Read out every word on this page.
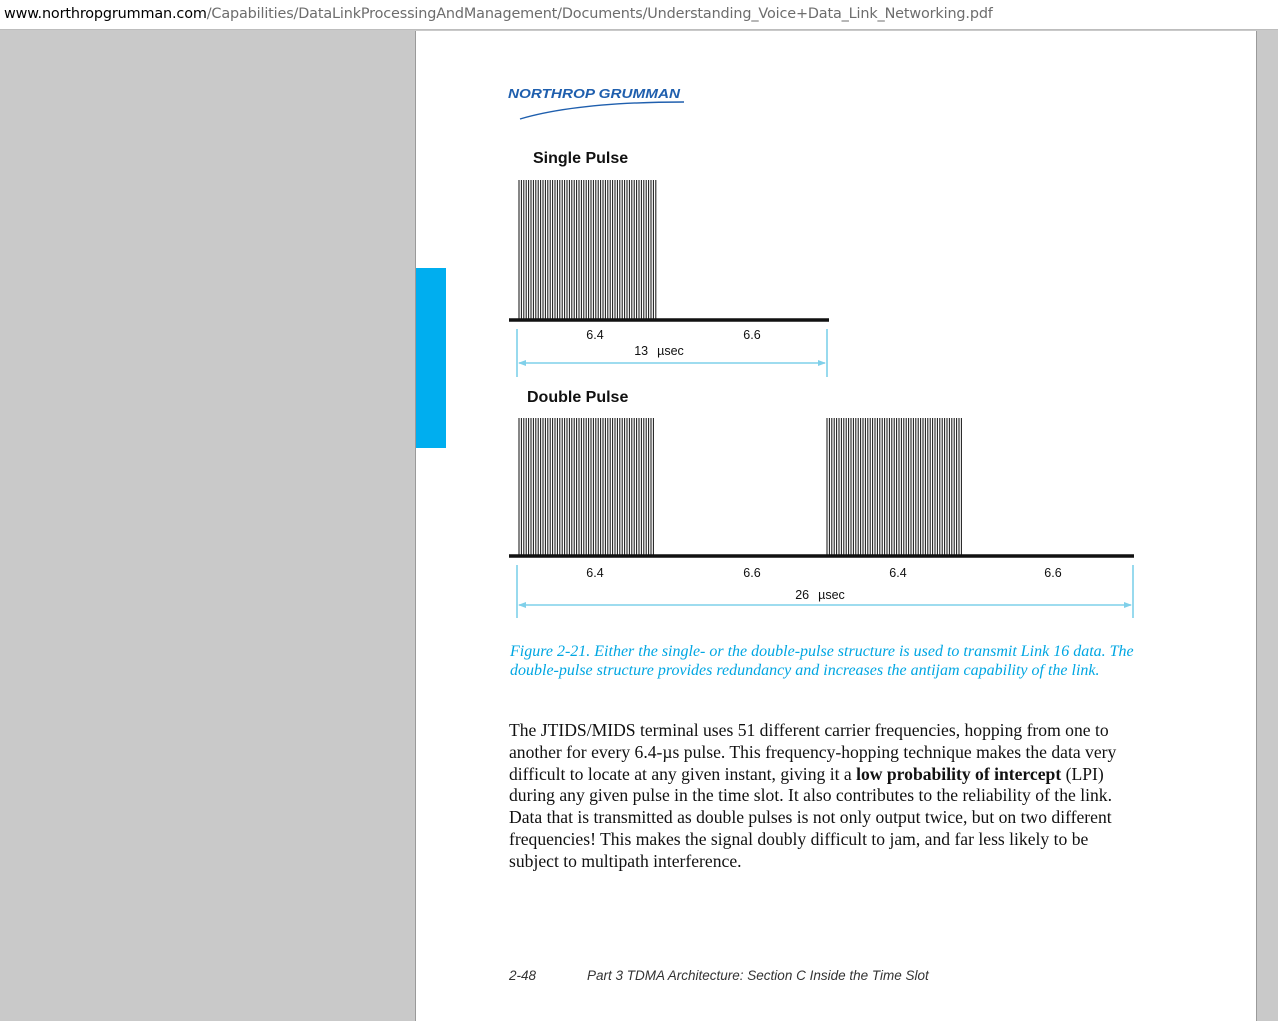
www.northropgrumman.com/Capabilities/DataLinkProcessingAndManagement/Documents/Understanding_Voice+Data_Link_Networking.pdf
NORTHROP GRUMMAN
Single Pulse
6.4	6.6
13 µsec
Double Pulse
6.4	6.6	6.4	6.6
26 µsec

Figure 2-21. Either the single- or the double-pulse structure is used to transmit Link 16 data. The double-pulse structure provides redundancy and increases the antijam capability of the link.

The JTIDS/MIDS terminal uses 51 different carrier frequencies, hopping from one to another for every 6.4-µs pulse. This frequency-hopping technique makes the data very difficult to locate at any given instant, giving it a low probability of intercept (LPI) during any given pulse in the time slot. It also contributes to the reliability of the link. Data that is transmitted as double pulses is not only output twice, but on two different frequencies! This makes the signal doubly difficult to jam, and far less likely to be subject to multipath interference.

2-48	Part 3 TDMA Architecture: Section C Inside the Time Slot
